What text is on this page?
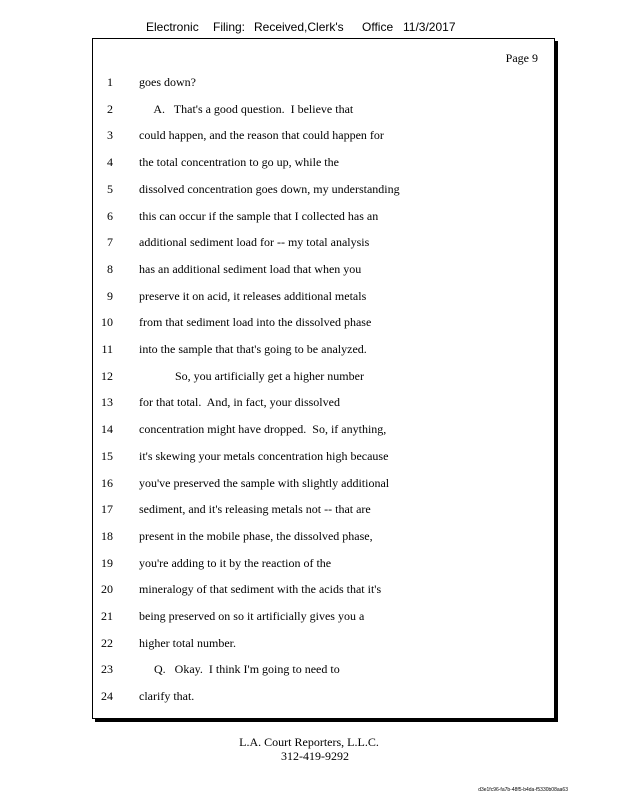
Electronic Filing: Received,Clerk's Office 11/3/2017
Page 9
1 goes down?
2 A.   That's a good question.  I believe that
3 could happen, and the reason that could happen for
4 the total concentration to go up, while the
5 dissolved concentration goes down, my understanding
6 this can occur if the sample that I collected has an
7 additional sediment load for -- my total analysis
8 has an additional sediment load that when you
9 preserve it on acid, it releases additional metals
10 from that sediment load into the dissolved phase
11 into the sample that that's going to be analyzed.
12 So, you artificially get a higher number
13 for that total.  And, in fact, your dissolved
14 concentration might have dropped.  So, if anything,
15 it's skewing your metals concentration high because
16 you've preserved the sample with slightly additional
17 sediment, and it's releasing metals not -- that are
18 present in the mobile phase, the dissolved phase,
19 you're adding to it by the reaction of the
20 mineralogy of that sediment with the acids that it's
21 being preserved on so it artificially gives you a
22 higher total number.
23 Q.   Okay.  I think I'm going to need to
24 clarify that.
L.A. Court Reporters, L.L.C.
312-419-9292
d3e1fc96-fa7b-48f5-b4da-f5330b08aa63
